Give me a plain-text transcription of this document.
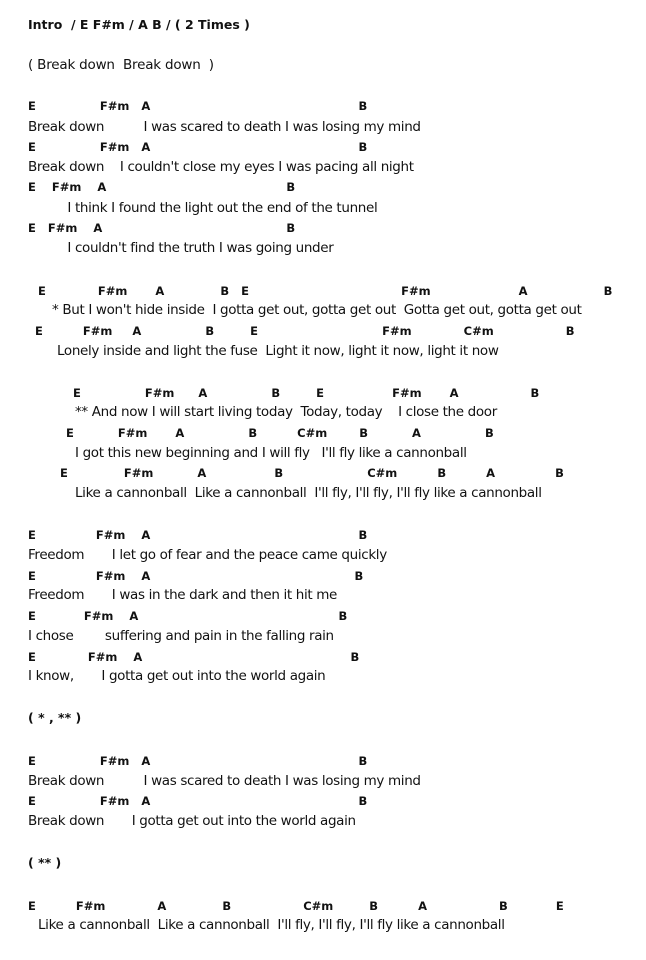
Intro  / E F#m / A B / ( 2 Times )
( Break down  Break down  )
E                F#m   A                                                    B
Break down          I was scared to death I was losing my mind
E                F#m   A                                                    B
Break down    I couldn't close my eyes I was pacing all night
E    F#m    A                                             B
I think I found the light out the end of the tunnel
E   F#m    A                                              B
I couldn't find the truth I was going under
E             F#m       A              B   E                                      F#m                      A                   B
* But I won't hide inside  I gotta get out, gotta get out  Gotta get out, gotta get out
E          F#m     A                B         E                               F#m             C#m                  B
Lonely inside and light the fuse  Light it now, light it now, light it now
E                F#m      A                B         E                 F#m       A                  B
** And now I will start living today  Today, today    I close the door
E           F#m       A                B          C#m        B           A                B
I got this new beginning and I will fly   I'll fly like a cannonball
E              F#m           A                 B                     C#m          B          A               B
Like a cannonball  Like a cannonball  I'll fly, I'll fly, I'll fly like a cannonball
E               F#m    A                                                    B
Freedom       I let go of fear and the peace came quickly
E               F#m    A                                                   B
Freedom       I was in the dark and then it hit me
E            F#m    A                                                  B
I chose        suffering and pain in the falling rain
E             F#m    A                                                    B
I know,       I gotta get out into the world again
( * , ** )
E                F#m   A                                                    B
Break down          I was scared to death I was losing my mind
E                F#m   A                                                    B
Break down       I gotta get out into the world again
( ** )
E          F#m             A              B                  C#m         B          A                  B            E
Like a cannonball  Like a cannonball  I'll fly, I'll fly, I'll fly like a cannonball
